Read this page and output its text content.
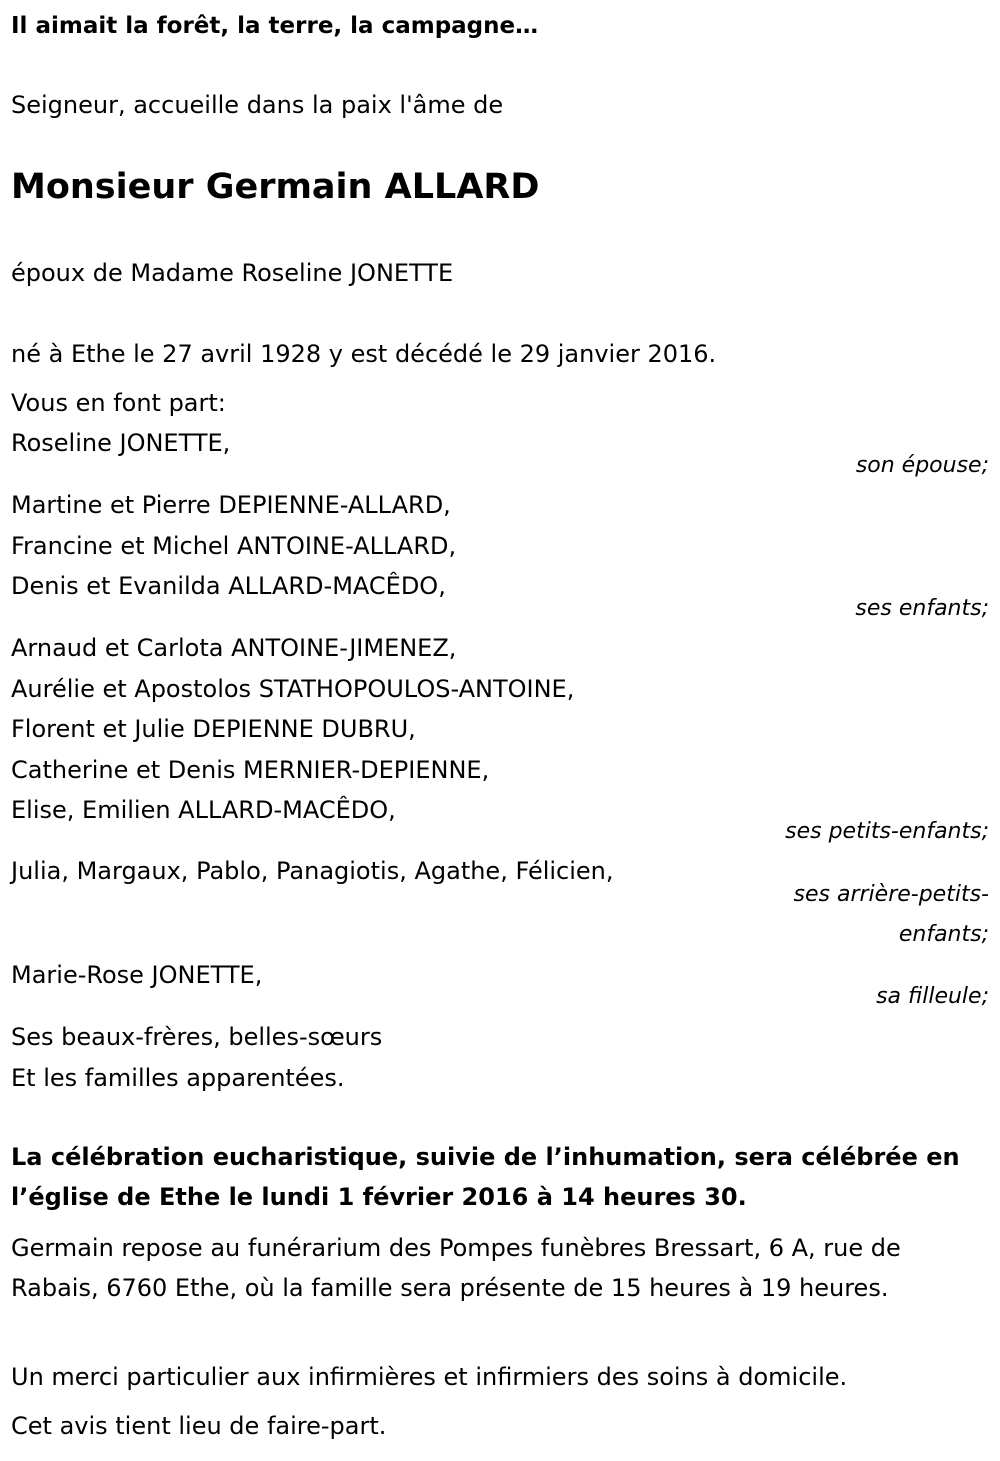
Il aimait la forêt, la terre, la campagne…
Seigneur, accueille dans la paix l'âme de
Monsieur Germain ALLARD
époux de Madame Roseline JONETTE
né à Ethe le 27 avril 1928 y est décédé le 29 janvier 2016.
Vous en font part:
Roseline JONETTE,
son épouse;
Martine et Pierre DEPIENNE-ALLARD,
Francine et Michel ANTOINE-ALLARD,
Denis et Evanilda ALLARD-MACÊDO,
ses enfants;
Arnaud et Carlota ANTOINE-JIMENEZ,
Aurélie et Apostolos STATHOPOULOS-ANTOINE,
Florent et Julie DEPIENNE DUBRU,
Catherine et Denis MERNIER-DEPIENNE,
Elise, Emilien ALLARD-MACÊDO,
ses petits-enfants;
Julia, Margaux, Pablo, Panagiotis, Agathe, Félicien,
ses arrière-petits-
enfants;
Marie-Rose JONETTE,
sa filleule;
Ses beaux-frères, belles-sœurs
Et les familles apparentées.
La célébration eucharistique, suivie de l’inhumation, sera célébrée en l’église de Ethe le lundi 1 février 2016 à 14 heures 30.
Germain repose au funérarium des Pompes funèbres Bressart, 6 A, rue de Rabais, 6760 Ethe, où la famille sera présente de 15 heures à 19 heures.
Un merci particulier aux infirmières et infirmiers des soins à domicile.
Cet avis tient lieu de faire-part.
